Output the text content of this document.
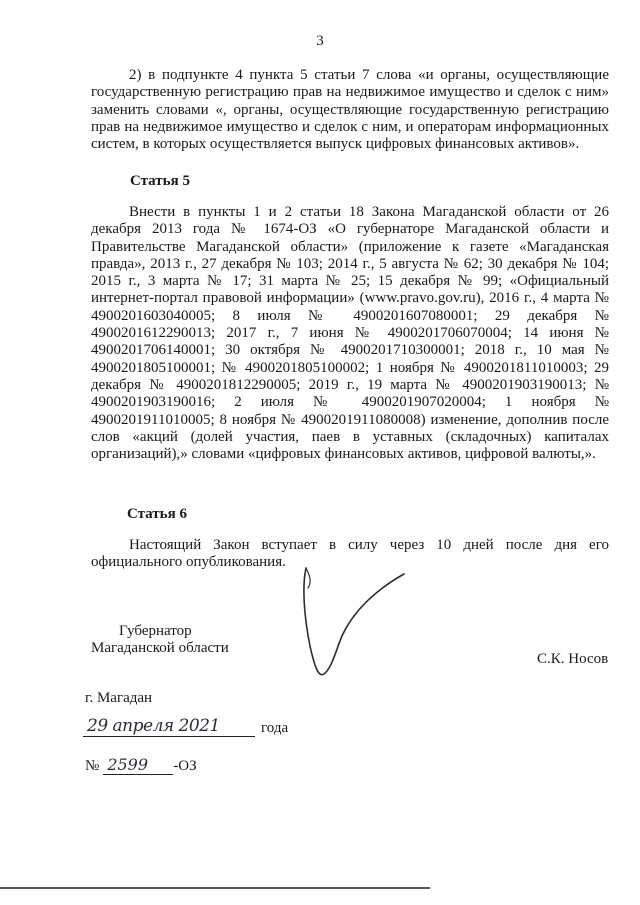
3
2) в подпункте 4 пункта 5 статьи 7 слова «и органы, осуществляющие государственную регистрацию прав на недвижимое имущество и сделок с ним» заменить словами «, органы, осуществляющие государственную регистрацию прав на недвижимое имущество и сделок с ним, и операторам информационных систем, в которых осуществляется выпуск цифровых финансовых активов».
Статья 5
Внести в пункты 1 и 2 статьи 18 Закона Магаданской области от 26 декабря 2013 года № 1674-ОЗ «О губернаторе Магаданской области и Правительстве Магаданской области» (приложение к газете «Магаданская правда», 2013 г., 27 декабря № 103; 2014 г., 5 августа № 62; 30 декабря № 104; 2015 г., 3 марта № 17; 31 марта № 25; 15 декабря № 99; «Официальный интернет-портал правовой информации» (www.pravo.gov.ru), 2016 г., 4 марта № 4900201603040005; 8 июля № 4900201607080001; 29 декабря № 4900201612290013; 2017 г., 7 июня № 4900201706070004; 14 июня № 4900201706140001; 30 октября № 4900201710300001; 2018 г., 10 мая № 4900201805100001; № 4900201805100002; 1 ноября № 4900201811010003; 29 декабря № 4900201812290005; 2019 г., 19 марта № 4900201903190013; № 4900201903190016; 2 июля № 4900201907020004; 1 ноября № 4900201911010005; 8 ноября № 4900201911080008) изменение, дополнив после слов «акций (долей участия, паев в уставных (складочных) капиталах организаций),» словами «цифровых финансовых активов, цифровой валюты,».
Статья 6
Настоящий Закон вступает в силу через 10 дней после дня его официального опубликования.
Губернатор
Магаданской области
С.К. Носов
г. Магадан
29 апреля 2021	года
№ 2599 -ОЗ
